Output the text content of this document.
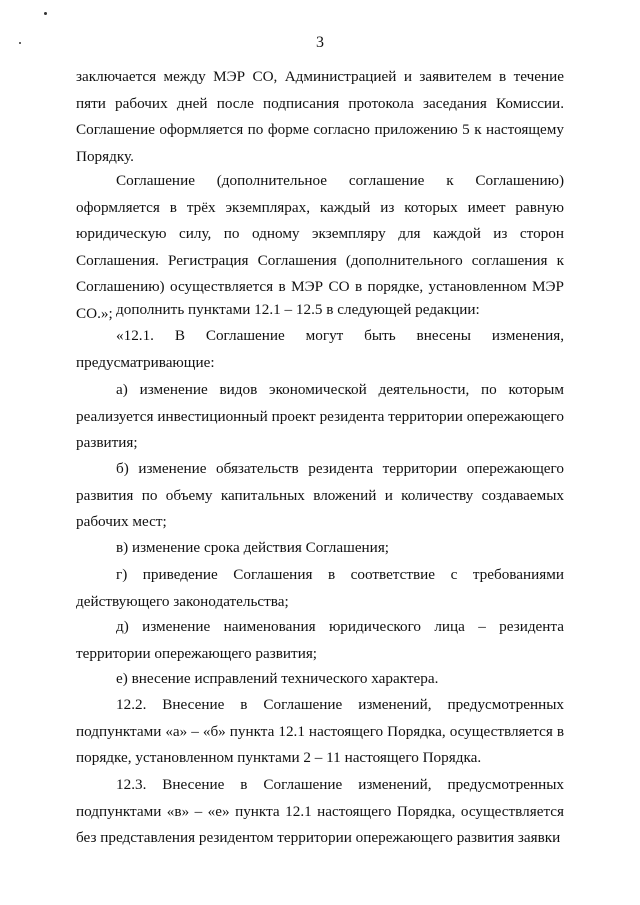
3
заключается между МЭР СО, Администрацией и заявителем в течение пяти рабочих дней после подписания протокола заседания Комиссии. Соглашение оформляется по форме согласно приложению 5 к настоящему Порядку.
Соглашение (дополнительное соглашение к Соглашению) оформляется в трёх экземплярах, каждый из которых имеет равную юридическую силу, по одному экземпляру для каждой из сторон Соглашения. Регистрация Соглашения (дополнительного соглашения к Соглашению) осуществляется в МЭР СО в порядке, установленном МЭР СО.»; дополнить пунктами 12.1 – 12.5 в следующей редакции:
«12.1. В Соглашение могут быть внесены изменения, предусматривающие:
а) изменение видов экономической деятельности, по которым реализуется инвестиционный проект резидента территории опережающего развития;
б) изменение обязательств резидента территории опережающего развития по объему капитальных вложений и количеству создаваемых рабочих мест;
в) изменение срока действия Соглашения;
г) приведение Соглашения в соответствие с требованиями действующего законодательства;
д) изменение наименования юридического лица – резидента территории опережающего развития;
е) внесение исправлений технического характера.
12.2. Внесение в Соглашение изменений, предусмотренных подпунктами «а» – «б» пункта 12.1 настоящего Порядка, осуществляется в порядке, установленном пунктами 2 – 11 настоящего Порядка.
12.3. Внесение в Соглашение изменений, предусмотренных подпунктами «в» – «е» пункта 12.1 настоящего Порядка, осуществляется без представления резидентом территории опережающего развития заявки
